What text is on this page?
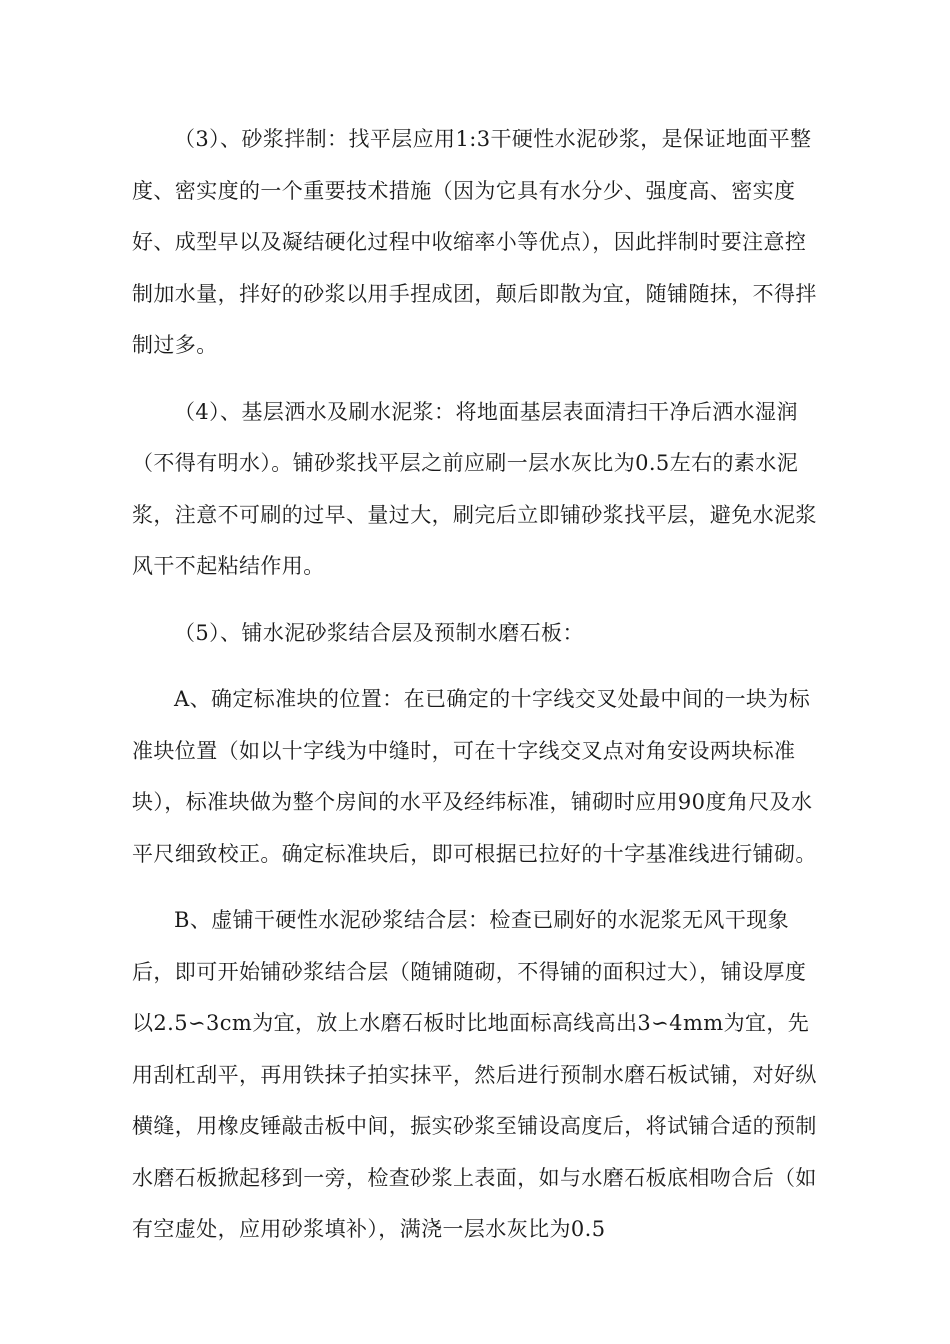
（3）、砂浆拌制：找平层应用1:3干硬性水泥砂浆，是保证地面平整度、密实度的一个重要技术措施（因为它具有水分少、强度高、密实度好、成型早以及凝结硬化过程中收缩率小等优点），因此拌制时要注意控制加水量，拌好的砂浆以用手捏成团，颠后即散为宜，随铺随抹，不得拌制过多。

（4）、基层洒水及刷水泥浆：将地面基层表面清扫干净后洒水湿润（不得有明水）。铺砂浆找平层之前应刷一层水灰比为0.5左右的素水泥浆，注意不可刷的过早、量过大，刷完后立即铺砂浆找平层，避免水泥浆风干不起粘结作用。

（5）、铺水泥砂浆结合层及预制水磨石板：

A、确定标准块的位置：在已确定的十字线交叉处最中间的一块为标准块位置（如以十字线为中缝时，可在十字线交叉点对角安设两块标准块），标准块做为整个房间的水平及经纬标准，铺砌时应用90度角尺及水平尺细致校正。确定标准块后，即可根据已拉好的十字基准线进行铺砌。

B、虚铺干硬性水泥砂浆结合层：检查已刷好的水泥浆无风干现象后，即可开始铺砂浆结合层（随铺随砌，不得铺的面积过大），铺设厚度以2.5∽3cm为宜，放上水磨石板时比地面标高线高出3∽4mm为宜，先用刮杠刮平，再用铁抹子拍实抹平，然后进行预制水磨石板试铺，对好纵横缝，用橡皮锤敲击板中间，振实砂浆至铺设高度后，将试铺合适的预制水磨石板掀起移到一旁，检查砂浆上表面，如与水磨石板底相吻合后（如有空虚处，应用砂浆填补），满浇一层水灰比为0.5
